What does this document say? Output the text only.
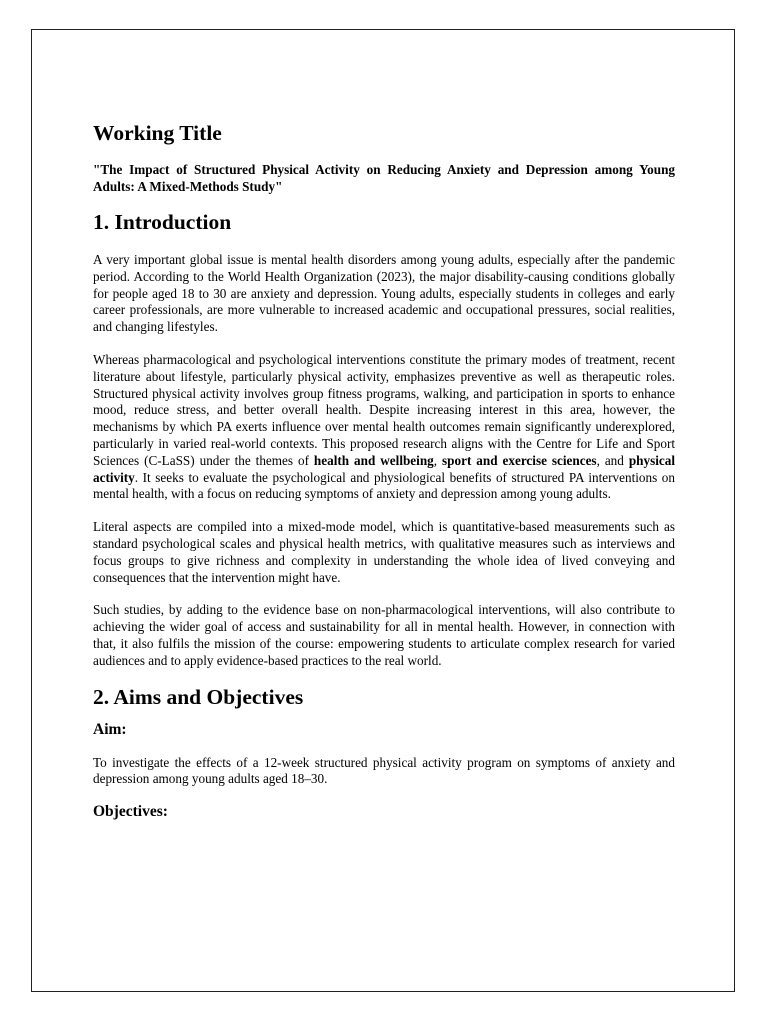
Working Title
"The Impact of Structured Physical Activity on Reducing Anxiety and Depression among Young Adults: A Mixed-Methods Study"
1. Introduction

A very important global issue is mental health disorders among young adults, especially after the pandemic period. According to the World Health Organization (2023), the major disability-causing conditions globally for people aged 18 to 30 are anxiety and depression. Young adults, especially students in colleges and early career professionals, are more vulnerable to increased academic and occupational pressures, social realities, and changing lifestyles.

Whereas pharmacological and psychological interventions constitute the primary modes of treatment, recent literature about lifestyle, particularly physical activity, emphasizes preventive as well as therapeutic roles. Structured physical activity involves group fitness programs, walking, and participation in sports to enhance mood, reduce stress, and better overall health. Despite increasing interest in this area, however, the mechanisms by which PA exerts influence over mental health outcomes remain significantly underexplored, particularly in varied real-world contexts. This proposed research aligns with the Centre for Life and Sport Sciences (C-LaSS) under the themes of health and wellbeing, sport and exercise sciences, and physical activity. It seeks to evaluate the psychological and physiological benefits of structured PA interventions on mental health, with a focus on reducing symptoms of anxiety and depression among young adults.

Literal aspects are compiled into a mixed-mode model, which is quantitative-based measurements such as standard psychological scales and physical health metrics, with qualitative measures such as interviews and focus groups to give richness and complexity in understanding the whole idea of lived conveying and consequences that the intervention might have.

Such studies, by adding to the evidence base on non-pharmacological interventions, will also contribute to achieving the wider goal of access and sustainability for all in mental health. However, in connection with that, it also fulfils the mission of the course: empowering students to articulate complex research for varied audiences and to apply evidence-based practices to the real world.

2. Aims and Objectives
Aim:

To investigate the effects of a 12-week structured physical activity program on symptoms of anxiety and depression among young adults aged 18–30.

Objectives:
